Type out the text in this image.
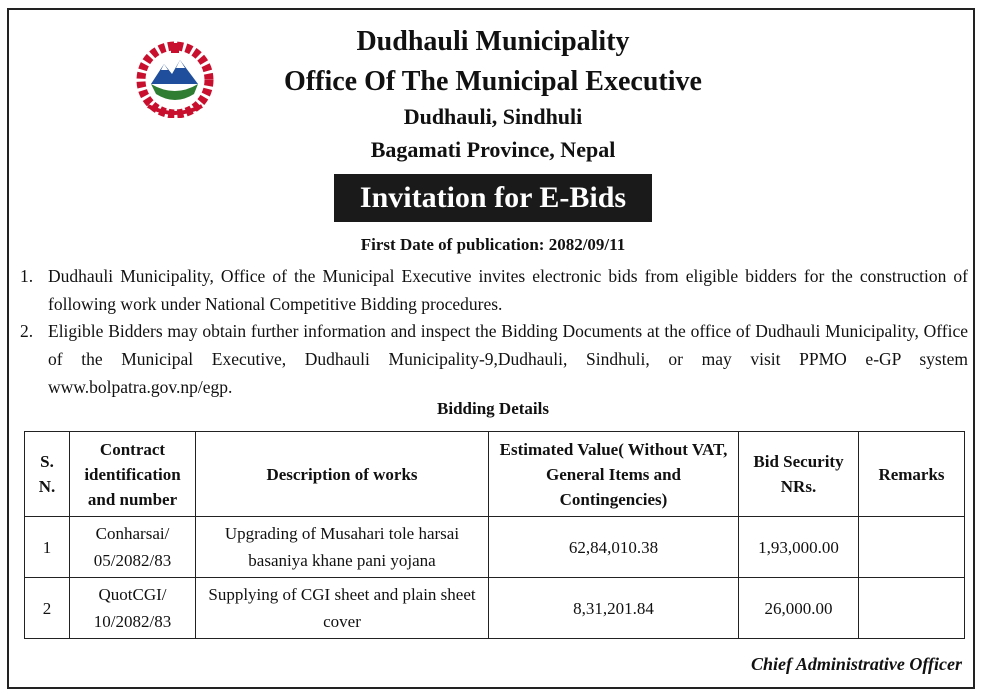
Dudhauli Municipality
Office Of The Municipal Executive
Dudhauli, Sindhuli
Bagamati Province, Nepal
Invitation for E-Bids
First Date of publication: 2082/09/11
1. Dudhauli Municipality, Office of the Municipal Executive invites electronic bids from eligible bidders for the construction of following work under National Competitive Bidding procedures.
2. Eligible Bidders may obtain further information and inspect the Bidding Documents at the office of Dudhauli Municipality, Office of the Municipal Executive, Dudhauli Municipality-9,Dudhauli, Sindhuli, or may visit PPMO e-GP system www.bolpatra.gov.np/egp.
Bidding Details
S. N.	Contract identification and number	Description of works	Estimated Value( Without VAT, General Items and Contingencies)	Bid Security NRs.	Remarks
1	Conharsai/ 05/2082/83	Upgrading of Musahari tole harsai basaniya khane pani yojana	62,84,010.38	1,93,000.00	
2	QuotCGI/ 10/2082/83	Supplying of CGI sheet and plain sheet cover	8,31,201.84	26,000.00	
Chief Administrative Officer
